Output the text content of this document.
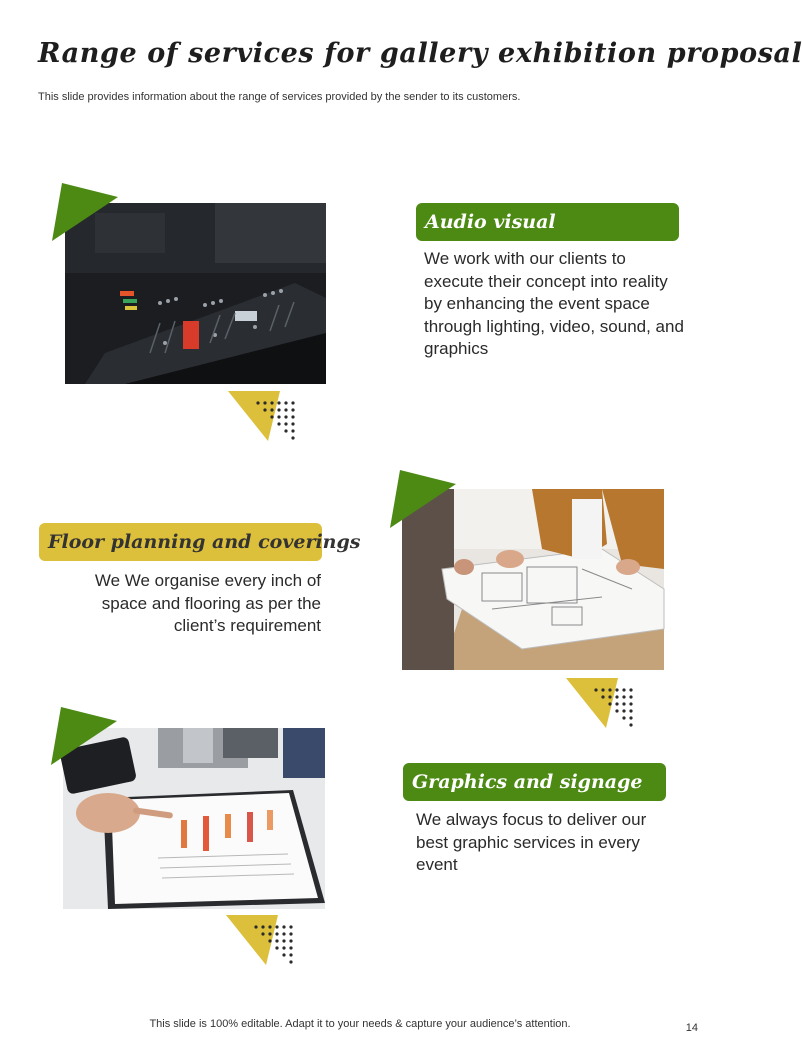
Range of services for gallery exhibition proposal

This slide provides information about the range of services provided by the sender to its customers.

Audio visual

We work with our clients to execute their concept into reality by enhancing the event space through lighting, video, sound, and graphics

Floor planning and coverings

We We organise every inch of space and flooring as per the client’s requirement

Graphics and signage

We always focus to deliver our best graphic services in every event

This slide is 100% editable. Adapt it to your needs & capture your audience’s attention.	14
